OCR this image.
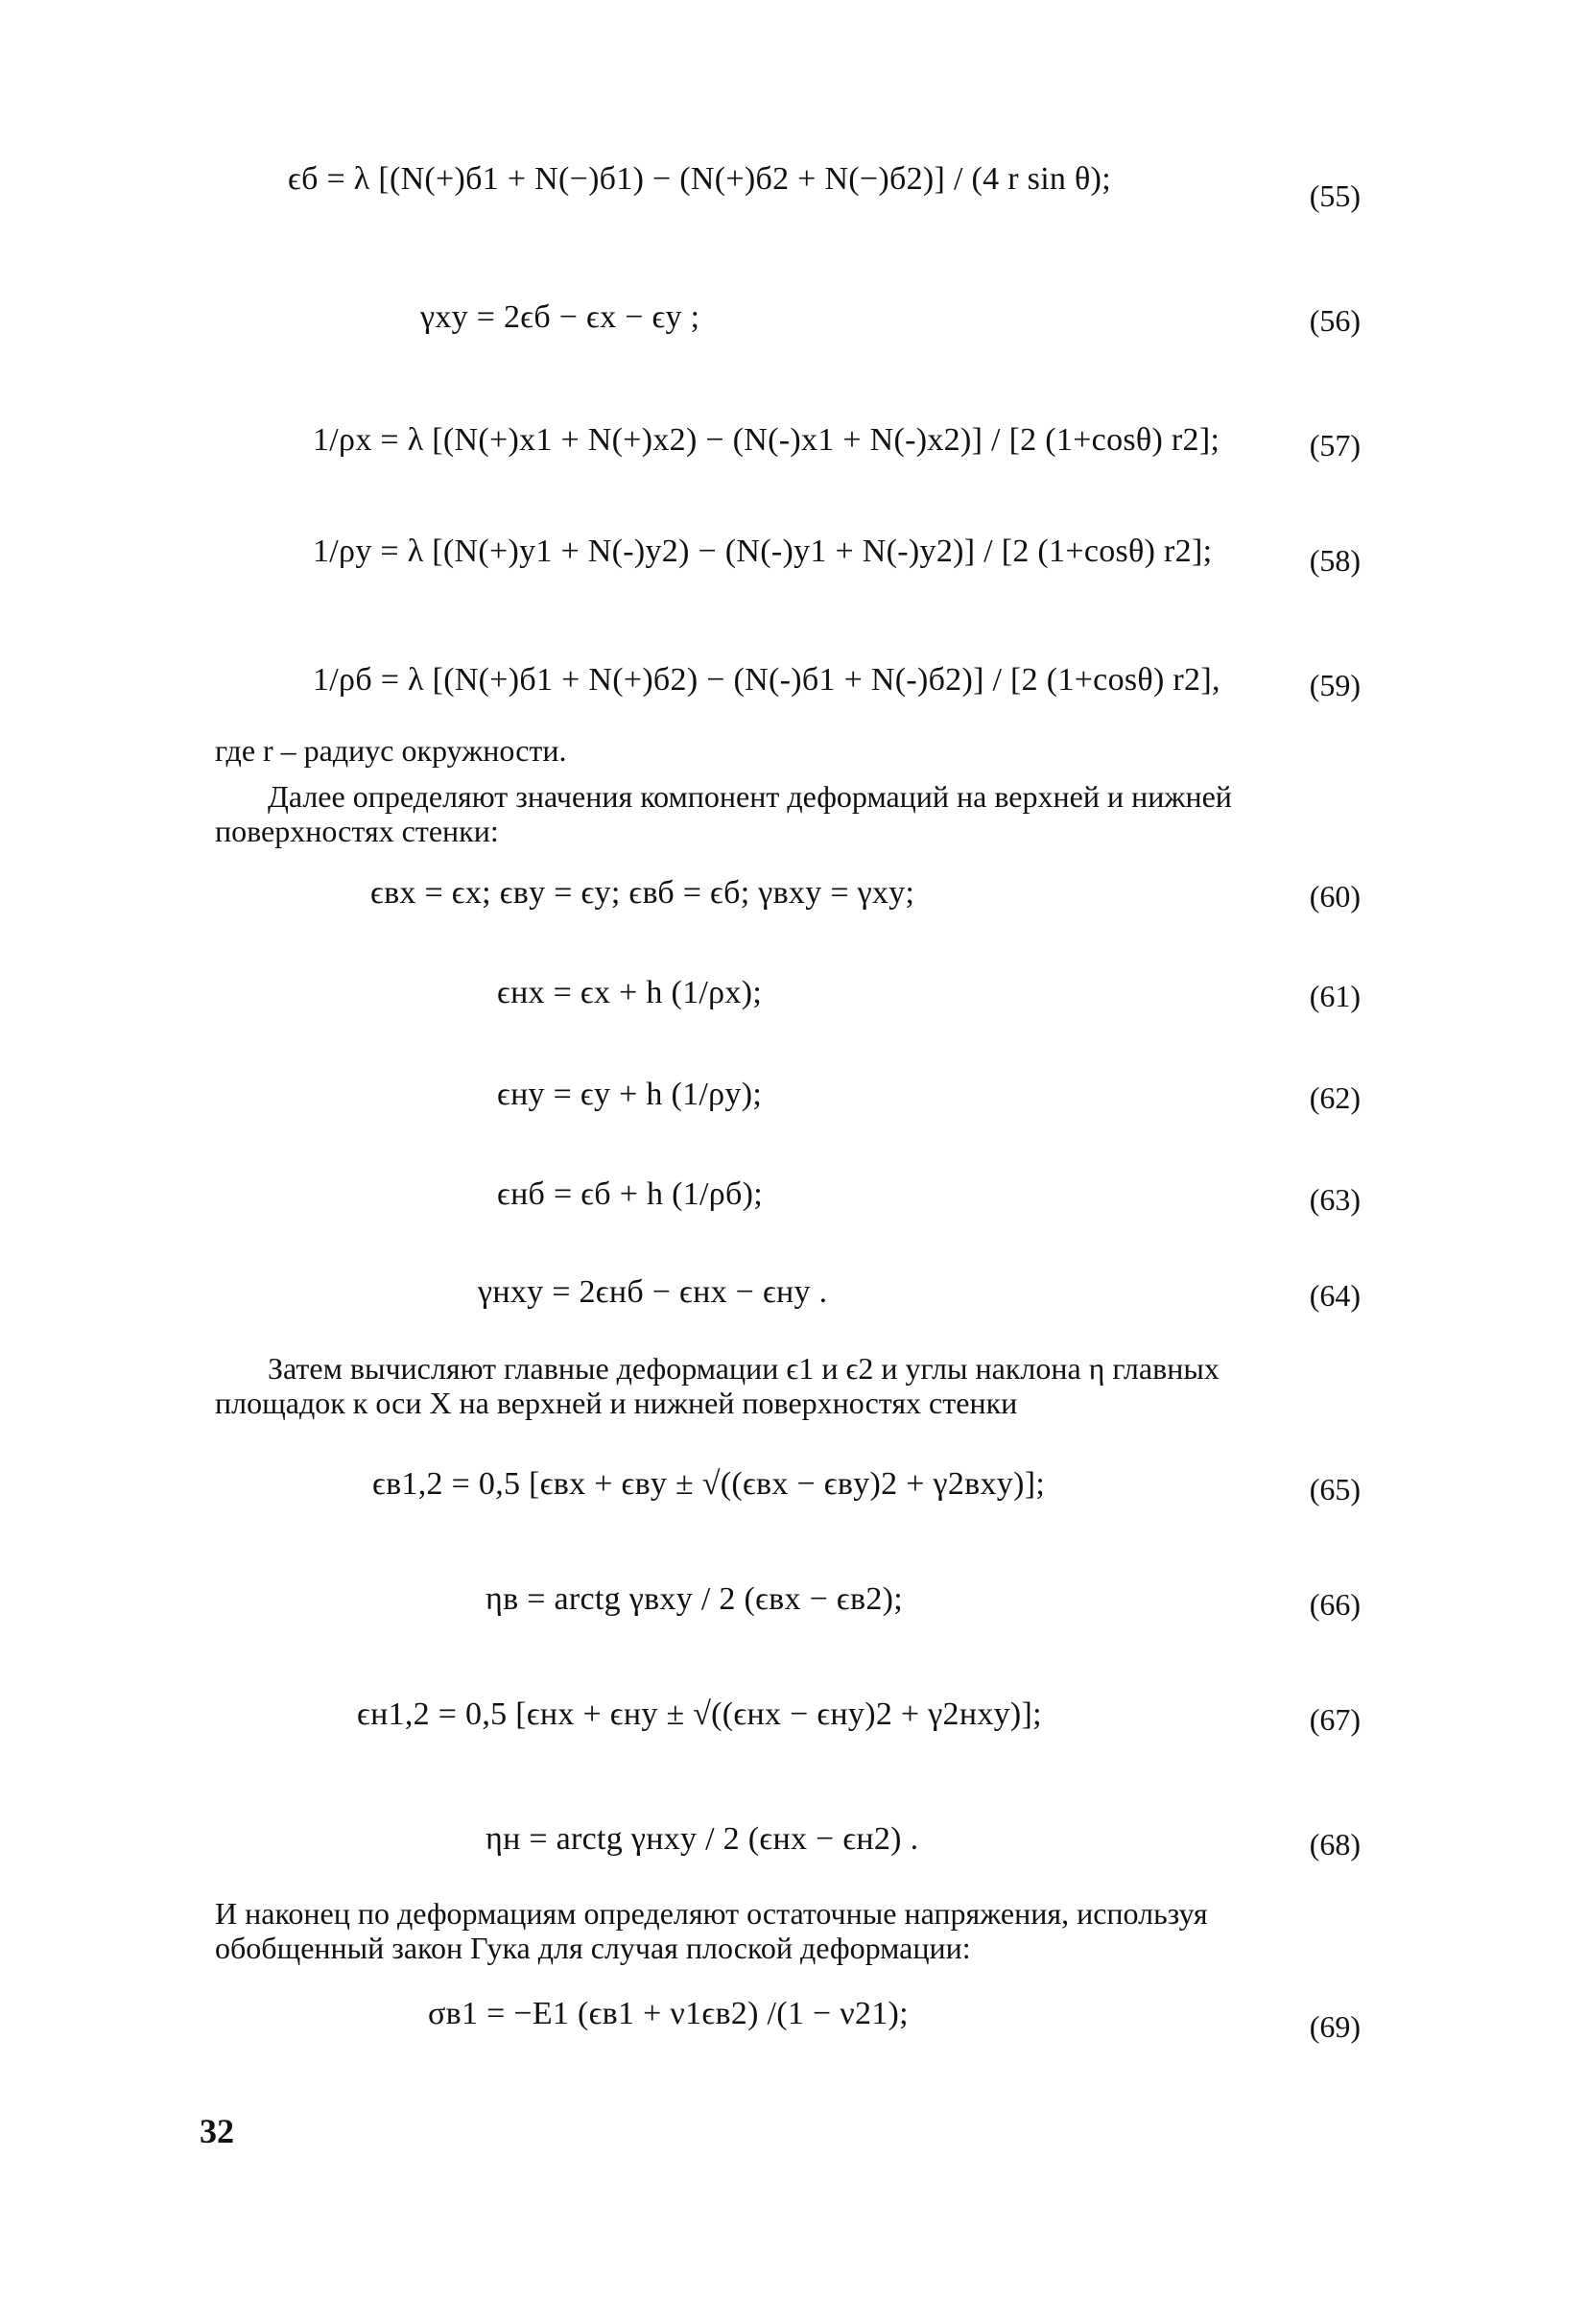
ϵб = λ [(N(+)б1 + N(−)б1) − (N(+)б2 + N(−)б2)] / (4 r sin θ);	(55)
γxy = 2ϵб − ϵx − ϵy ;	(56)
1/ρx = λ [(N(+)x1 + N(+)x2) − (N(-)x1 + N(-)x2)] / [2 (1+cosθ) r2];	(57)
1/ρy = λ [(N(+)y1 + N(-)y2) − (N(-)y1 + N(-)y2)] / [2 (1+cosθ) r2];	(58)
1/ρб = λ [(N(+)б1 + N(+)б2) − (N(-)б1 + N(-)б2)] / [2 (1+cosθ) r2],	(59)

где r – радиус окружности.

Далее определяют значения компонент деформаций на верхней и нижней

поверхностях стенки:

ϵвx = ϵx; ϵвy = ϵy; ϵвб = ϵб; γвxy = γxy;	(60)
ϵнx = ϵx + h (1/ρx);	(61)
ϵнy = ϵy + h (1/ρy);	(62)
ϵнб = ϵб + h (1/ρб);	(63)
γнxy = 2ϵнб − ϵнx − ϵнy .	(64)

Затем вычисляют главные деформации ϵ1 и ϵ2 и углы наклона η главных

площадок к оси X на верхней и нижней поверхностях стенки

ϵв1,2 = 0,5 [ϵвx + ϵвy ± √((ϵвx − ϵвy)2 + γ2вxy)];	(65)
ηв = arctg γвxy / 2 (ϵвx − ϵв2);	(66)
ϵн1,2 = 0,5 [ϵнx + ϵнy ± √((ϵнx − ϵнy)2 + γ2нxy)];	(67)
ηн = arctg γнxy / 2 (ϵнx − ϵн2) .	(68)

И наконец по деформациям определяют остаточные напряжения, используя

обобщенный закон Гука для случая плоской деформации:

σв1 = −E1 (ϵв1 + ν1ϵв2) /(1 − ν21);	(69)
32
